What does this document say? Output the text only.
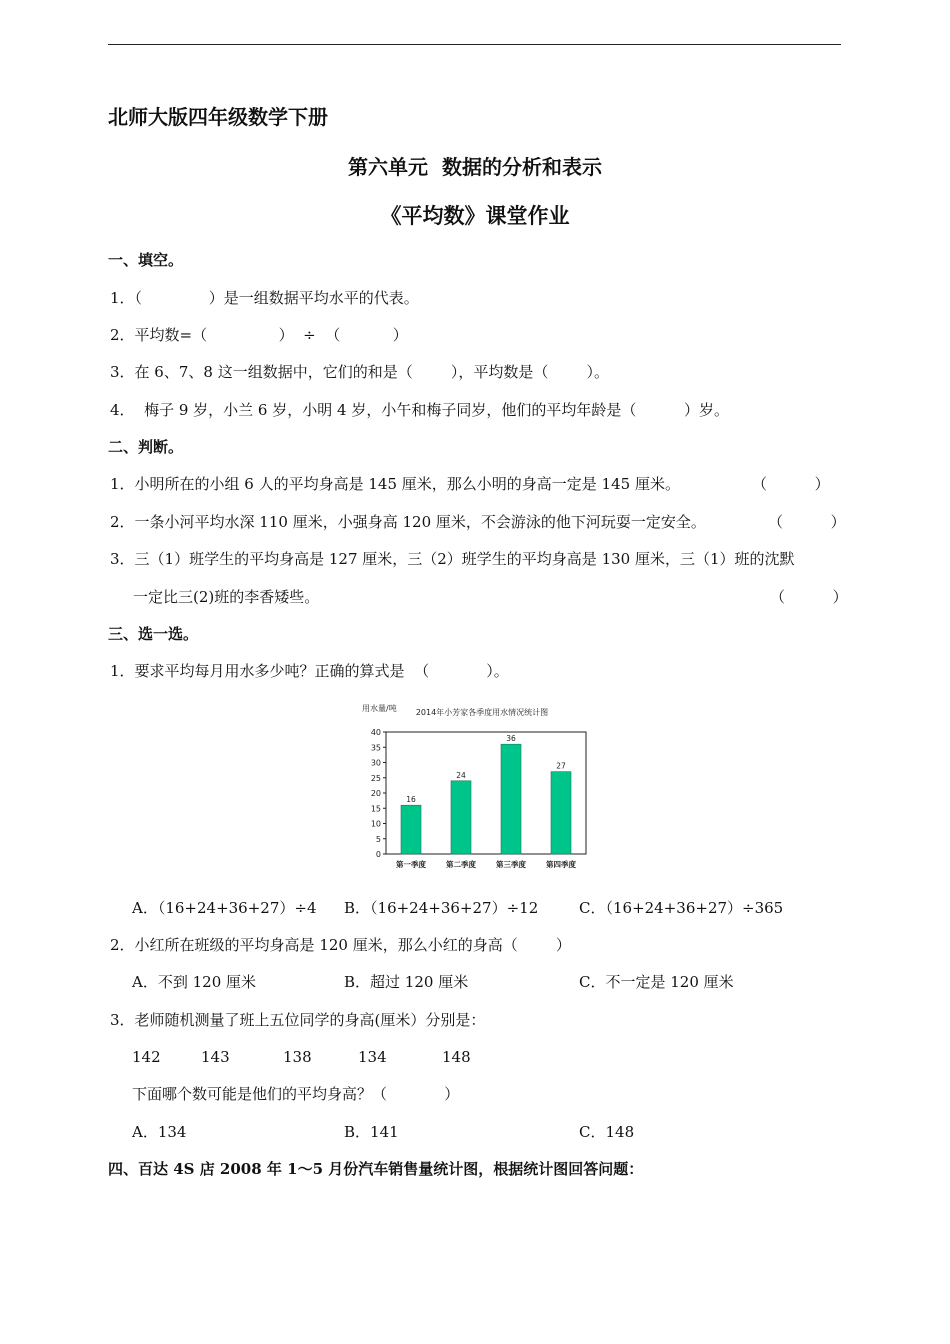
北师大版四年级数学下册
第六单元  数据的分析和表示
《平均数》课堂作业
一、填空。
1．（              ）是一组数据平均水平的代表。
2．平均数=（               ）  ÷  （           ）
3．在 6、7、8 这一组数据中，它们的和是（        ），平均数是（        ）。
4．  梅子 9 岁，小兰 6 岁，小明 4 岁，小午和梅子同岁，他们的平均年龄是（          ）岁。
二、判断。
1．小明所在的小组 6 人的平均身高是 145 厘米，那么小明的身高一定是 145 厘米。	（          ）
2．一条小河平均水深 110 厘米，小强身高 120 厘米，不会游泳的他下河玩耍一定安全。	（          ）
3．三（1）班学生的平均身高是 127 厘米，三（2）班学生的平均身高是 130 厘米，三（1）班的沈默
一定比三(2)班的李香矮些。	（          ）
三、选一选。
1．要求平均每月用水多少吨？正确的算式是  （            ）。
2014年小芳家各季度用水情况统计图
用水量/吨
0
5
10
15
20
25
30
35
40
16
第一季度
24
第二季度
36
第三季度
27
第四季度
A．（16+24+36+27）÷4 B．（16+24+36+27）÷12	C．（16+24+36+27）÷365
2．小红所在班级的平均身高是 120 厘米，那么小红的身高（        ）
A．不到 120 厘米	B．超过 120 厘米	C．不一定是 120 厘米
3．老师随机测量了班上五位同学的身高(厘米）分别是：
142	143	138	134	148
下面哪个数可能是他们的平均身高？（            ）
A．134	B．141	C．148
四、百达 4S 店 2008 年 1～5 月份汽车销售量统计图，根据统计图回答问题：
